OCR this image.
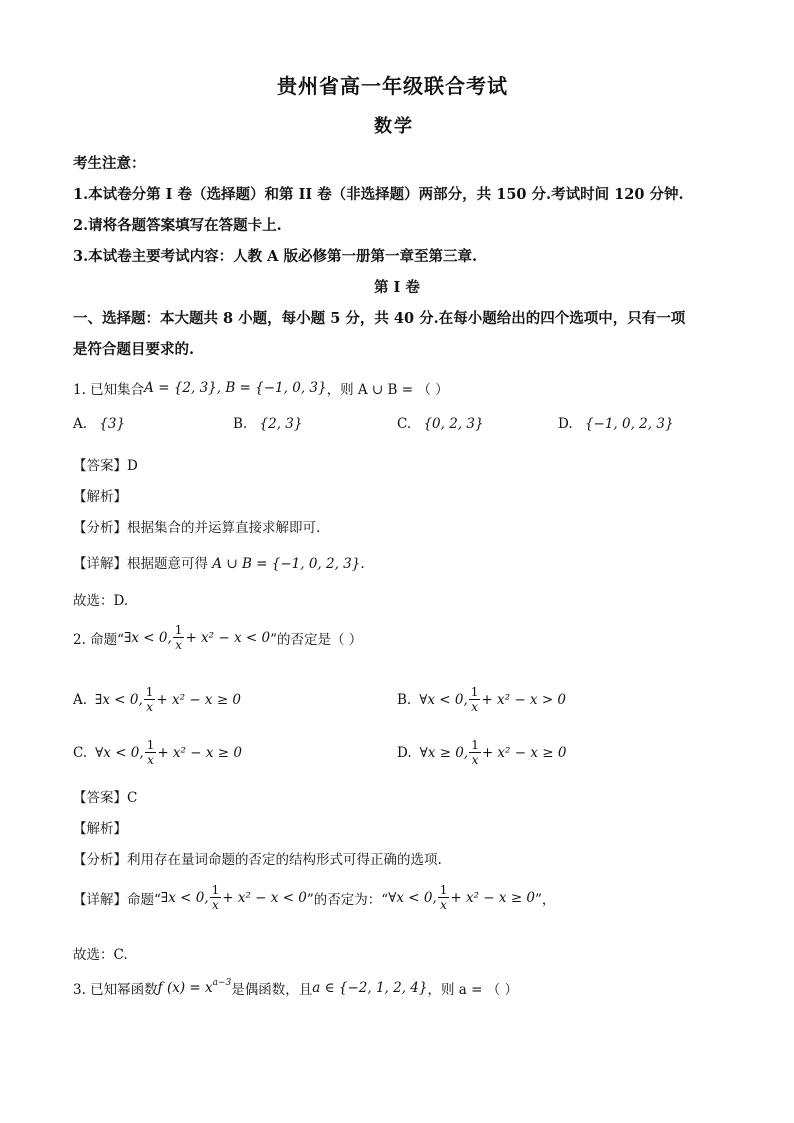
贵州省高一年级联合考试
数学
考生注意：
1.本试卷分第 I 卷（选择题）和第 II 卷（非选择题）两部分，共 150 分.考试时间 120 分钟.
2.请将各题答案填写在答题卡上.
3.本试卷主要考试内容：人教 A 版必修第一册第一章至第三章.
第 I 卷
一、选择题：本大题共 8 小题，每小题 5 分，共 40 分.在每小题给出的四个选项中，只有一项
是符合题目要求的.
1. 已知集合 A = {2, 3}, B = {−1, 0, 3} ，则 A ∪ B = （ ）
A. {3}	B. {2, 3}	C. {0, 2, 3}	D. {−1, 0, 2, 3}
【答案】D
【解析】
【分析】根据集合的并运算直接求解即可.
【详解】根据题意可得 A ∪ B = {−1, 0, 2, 3}.
故选：D.
2. 命题“ ∃x < 0, $\frac{1}{x} + x^2 - x < 0$ ”的否定是（ ）
A. ∃x < 0, $\frac{1}{x} + x^2 - x \ge 0$	B. ∀x < 0, $\frac{1}{x} + x^2 - x > 0$
C. ∀x < 0, $\frac{1}{x} + x^2 - x \ge 0$	D. ∀x ≥ 0, $\frac{1}{x} + x^2 - x \ge 0$
【答案】C
【解析】
【分析】利用存在量词命题的否定的结构形式可得正确的选项.
【详解】 命题“ ∃x < 0, $\frac{1}{x} + x^2 - x < 0$ ”的否定为：“ ∀x < 0, $\frac{1}{x} + x^2 - x \ge 0$ ”，
故选：C.
3. 已知幂函数 f $(x) = x^{a-3}$ 是偶函数，且 a ∈ {−2, 1, 2, 4} ，则 a = （ ）
